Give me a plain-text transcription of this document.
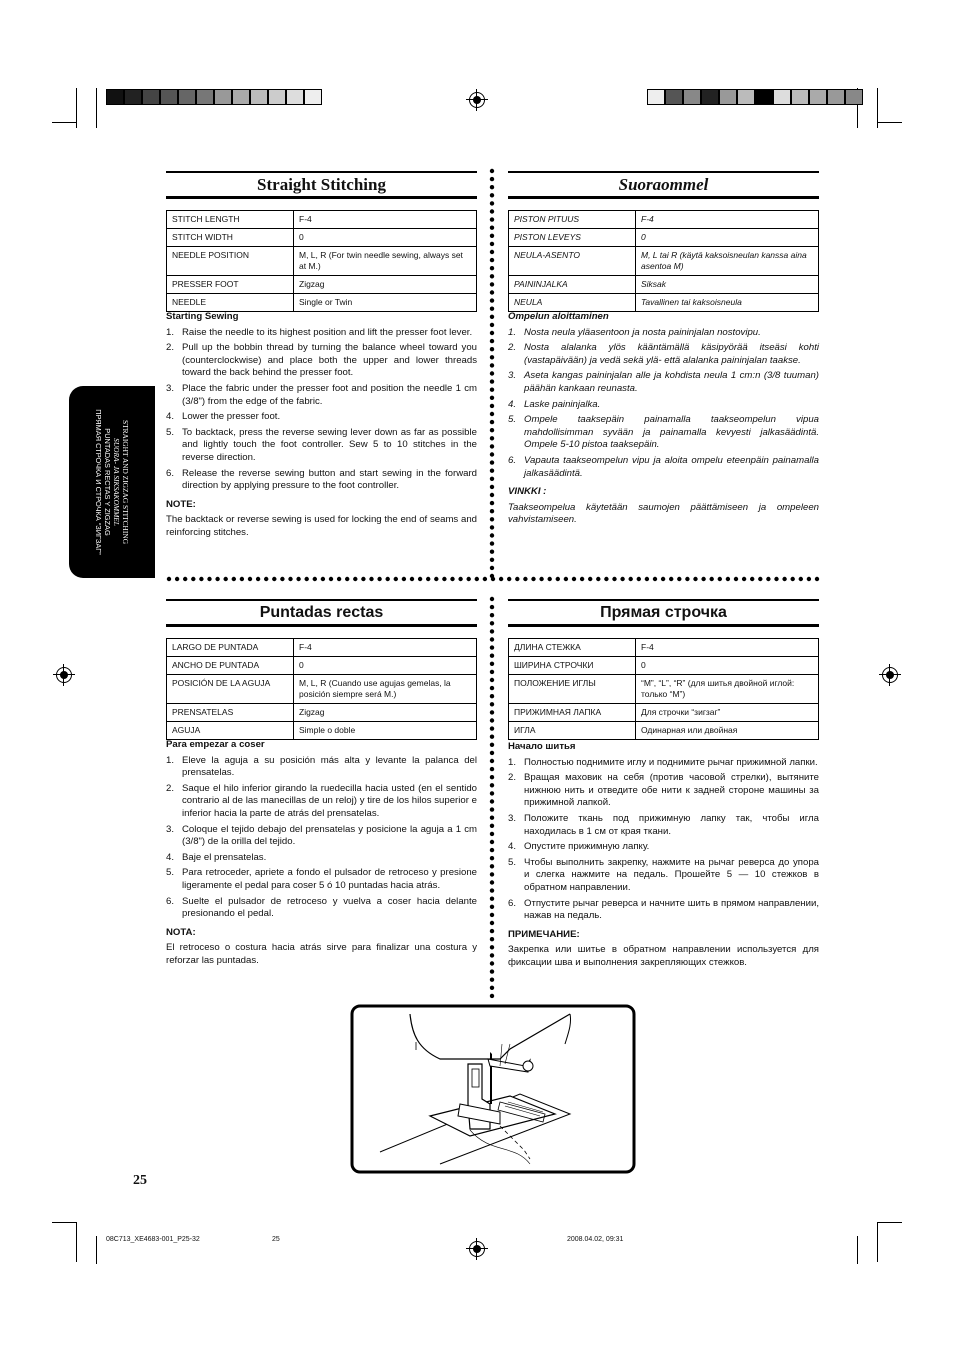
STRAIGHT AND ZIGZAG STITCHING
SUORA- JA SIKSAKOMMEL
PUNTADAS RECTAS Y ZIGZAG
ПРЯМАЯ СТРОЧКА И СТРОЧКА “ЗИГЗАГ”
Straight Stitching
STITCH LENGTH	F-4
STITCH WIDTH	0
NEEDLE POSITION	M, L, R (For twin needle sewing, always set at M.)
PRESSER FOOT	Zigzag
NEEDLE	Single or Twin
Starting Sewing
1. Raise the needle to its highest position and lift the presser foot lever.
2. Pull up the bobbin thread by turning the balance wheel toward you (counterclockwise) and place both the upper and lower threads toward the back behind the presser foot.
3. Place the fabric under the presser foot and position the needle 1 cm (3/8") from the edge of the fabric.
4. Lower the presser foot.
5. To backtack, press the reverse sewing lever down as far as possible and lightly touch the foot controller. Sew 5 to 10 stitches in the reverse direction.
6. Release the reverse sewing button and start sewing in the forward direction by applying pressure to the foot controller.
NOTE:

The backtack or reverse sewing is used for locking the end of seams and reinforcing stitches.

Suoraommel
PISTON PITUUS	F-4
PISTON LEVEYS	0
NEULA-ASENTO	M, L tai R (käytä kaksoisneulan kanssa aina asentoa M)
PAININJALKA	Siksak
NEULA	Tavallinen tai kaksoisneula
Ompelun aloittaminen
1. Nosta neula yläasentoon ja nosta paininjalan nostovipu.
2. Nosta alalanka ylös kääntämällä käsipyörää itseäsi kohti (vastapäivään) ja vedä sekä ylä- että alalanka paininjalan taakse.
3. Aseta kangas paininjalan alle ja kohdista neula 1 cm:n (3/8 tuuman) päähän kankaan reunasta.
4. Laske paininjalka.
5. Ompele taaksepäin painamalla taaksеompelun vipua mahdollisimman syvään ja painamalla kevyesti jalkasäädintä. Ompele 5-10 pistoa taaksepäin.
6. Vapauta taaksеompelun vipu ja aloita ompelu eteenpäin painamalla jalkasäädintä.
VINKKI :

Taaksеompelua käytetään saumojen päättämiseen ja ompeleen vahvistamiseen.

Puntadas rectas
LARGO DE PUNTADA	F-4
ANCHO DE PUNTADA	0
POSICIÓN DE LA AGUJA	M, L, R (Cuando use agujas gemelas, la posición siempre será M.)
PRENSATELAS	Zigzag
AGUJA	Simple o doble
Para empezar a coser
1. Eleve la aguja a su posición más alta y levante la palanca del prensatelas.
2. Saque el hilo inferior girando la ruedecilla hacia usted (en el sentido contrario al de las manecillas de un reloj) y tire de los hilos superior e inferior hacia la parte de atrás del prensatelas.
3. Coloque el tejido debajo del prensatelas y posicione la aguja a 1 cm (3/8") de la orilla del tejido.
4. Baje el prensatelas.
5. Para retroceder, apriete a fondo el pulsador de retroceso y presione ligeramente el pedal para coser 5 ó 10 puntadas hacia atrás.
6. Suelte el pulsador de retroceso y vuelva a coser hacia delante presionando el pedal.
NOTA:

El retroceso o costura hacia atrás sirve para finalizar una costura y reforzar las puntadas.

Прямая строчка
ДЛИНА СТЕЖКА	F-4
ШИРИНА СТРОЧКИ	0
ПОЛОЖЕНИЕ ИГЛЫ	“M”, “L”, “R” (для шитья двойной иглой: только “M”)
ПРИЖИМНАЯ ЛАПКА	Для строчки “зигзаг”
ИГЛА	Одинарная или двойная
Начало шитья
1. Полностью поднимите иглу и поднимите рычаг прижимной лапки.
2. Вращая маховик на себя (против часовой стрелки), вытяните нижнюю нить и отведите обе нити к задней стороне машины за прижимной лапкой.
3. Положите ткань под прижимную лапку так, чтобы игла находилась в 1 см от края ткани.
4. Опустите прижимную лапку.
5. Чтобы выполнить закрепку, нажмите на рычаг реверса до упора и слегка нажмите на педаль. Прошейте 5 — 10 стежков в обратном направлении.
6. Отпустите рычаг реверса и начните шить в прямом направлении, нажав на педаль.
ПРИМЕЧАНИЕ:

Закрепка или шитье в обратном направлении используется для фиксации шва и выполнения закрепляющих стежков.

25
08C713_XE4683-001_P25-32	25	2008.04.02, 09:31
